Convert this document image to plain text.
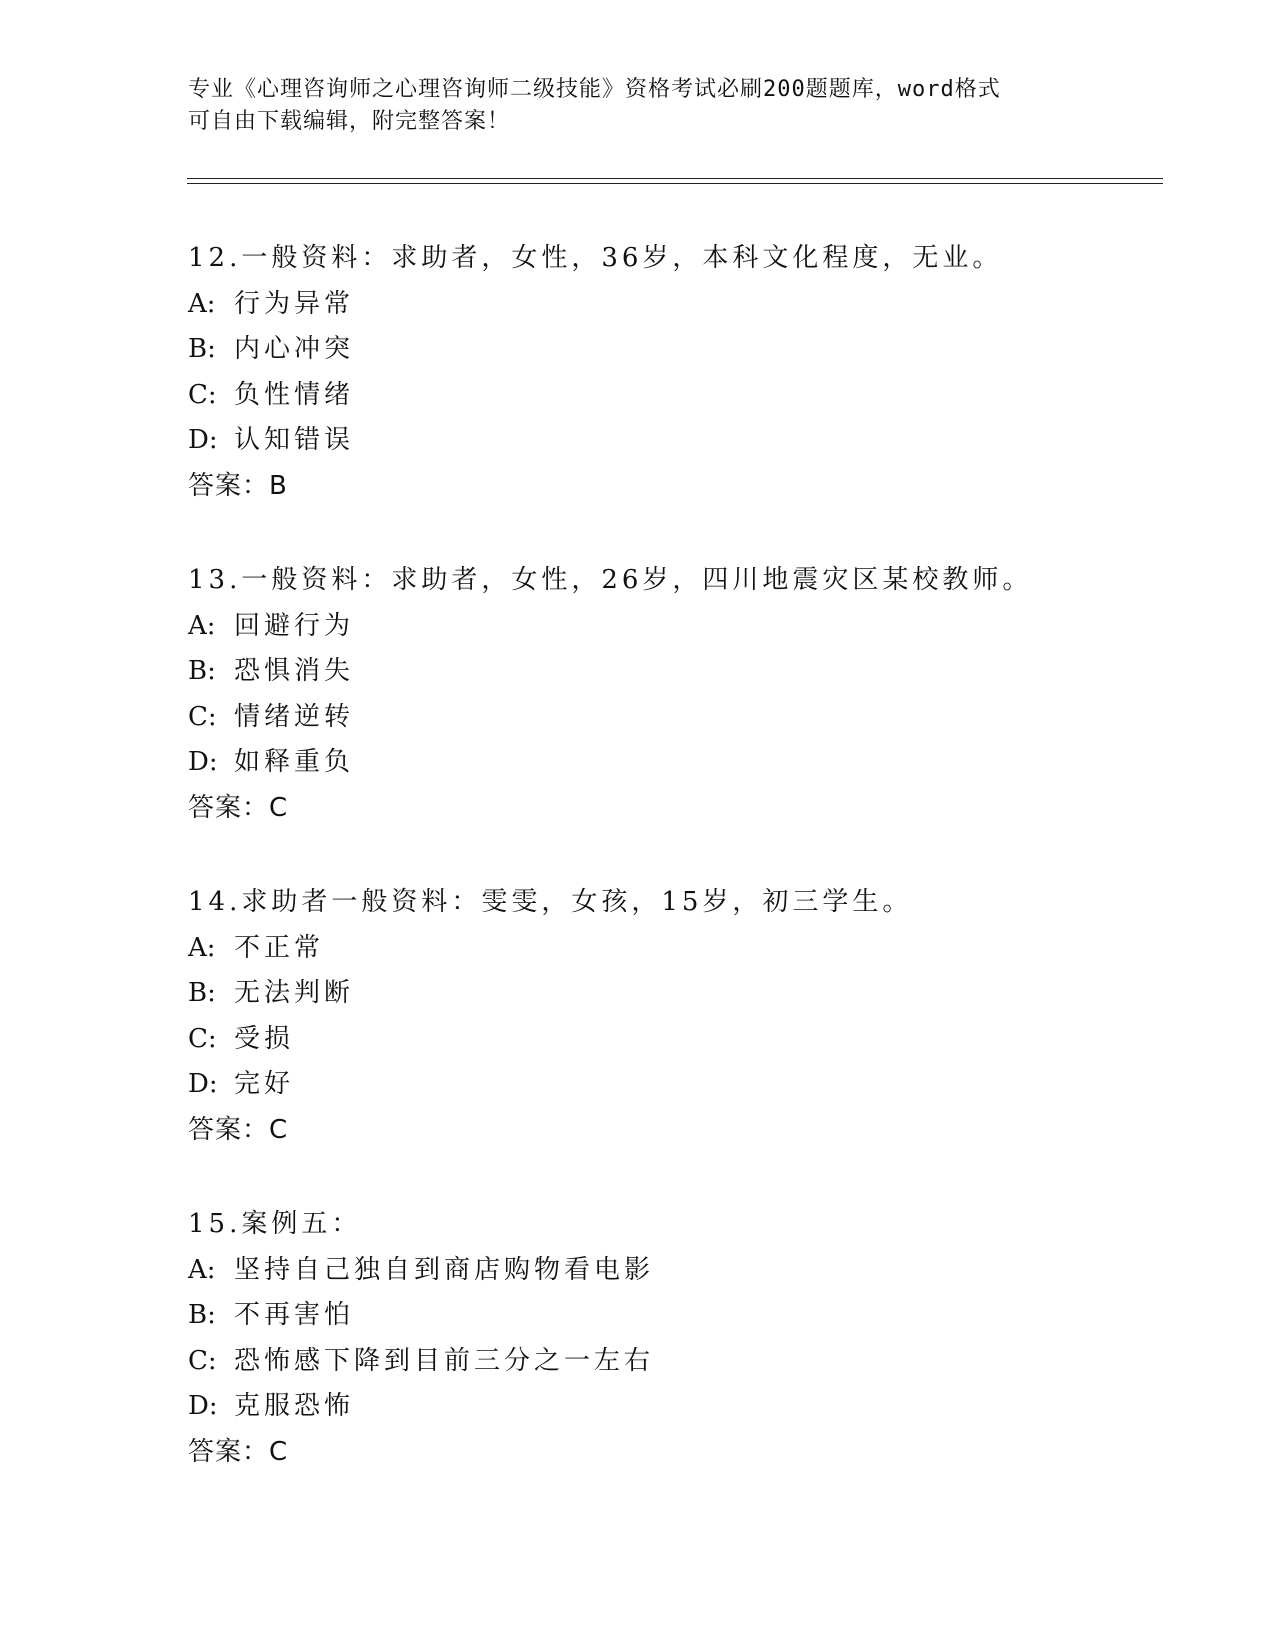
专业《心理咨询师之心理咨询师二级技能》资格考试必刷200题题库，word格式
可自由下载编辑，附完整答案！
12.一般资料：求助者，女性，36岁，本科文化程度，无业。
A: 行为异常
B: 内心冲突
C: 负性情绪
D: 认知错误
答案：B
13.一般资料：求助者，女性，26岁，四川地震灾区某校教师。
A: 回避行为
B: 恐惧消失
C: 情绪逆转
D: 如释重负
答案：C
14.求助者一般资料：雯雯，女孩，15岁，初三学生。
A: 不正常
B: 无法判断
C: 受损
D: 完好
答案：C
15.案例五：
A: 坚持自己独自到商店购物看电影
B: 不再害怕
C: 恐怖感下降到目前三分之一左右
D: 克服恐怖
答案：C
